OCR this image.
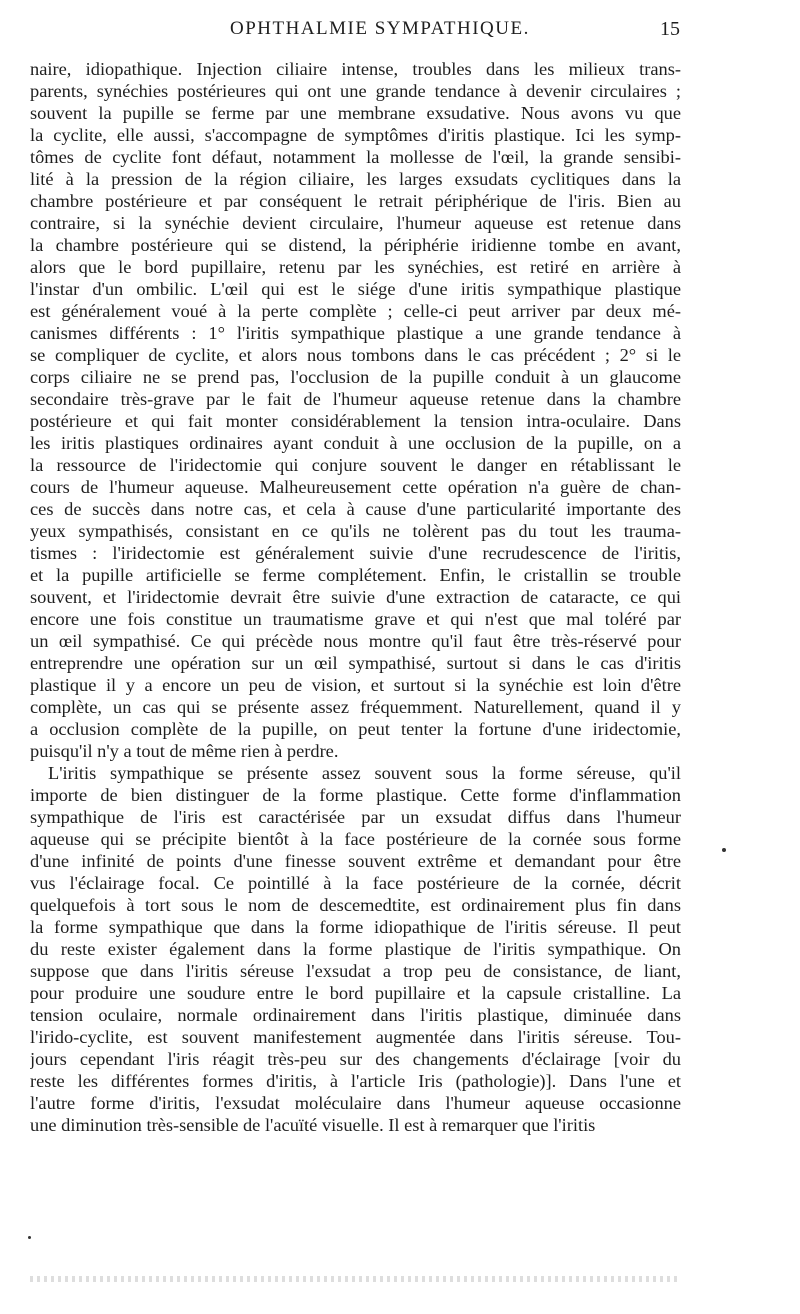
OPHTHALMIE SYMPATHIQUE.	15
naire, idiopathique. Injection ciliaire intense, troubles dans les milieux trans-
parents, synéchies postérieures qui ont une grande tendance à devenir circulaires ;
souvent la pupille se ferme par une membrane exsudative. Nous avons vu que
la cyclite, elle aussi, s'accompagne de symptômes d'iritis plastique. Ici les symp-
tômes de cyclite font défaut, notamment la mollesse de l'œil, la grande sensibi-
lité à la pression de la région ciliaire, les larges exsudats cyclitiques dans la
chambre postérieure et par conséquent le retrait périphérique de l'iris. Bien au
contraire, si la synéchie devient circulaire, l'humeur aqueuse est retenue dans
la chambre postérieure qui se distend, la périphérie iridienne tombe en avant,
alors que le bord pupillaire, retenu par les synéchies, est retiré en arrière à
l'instar d'un ombilic. L'œil qui est le siége d'une iritis sympathique plastique
est généralement voué à la perte complète ; celle-ci peut arriver par deux mé-
canismes différents : 1° l'iritis sympathique plastique a une grande tendance à
se compliquer de cyclite, et alors nous tombons dans le cas précédent ; 2° si le
corps ciliaire ne se prend pas, l'occlusion de la pupille conduit à un glaucome
secondaire très-grave par le fait de l'humeur aqueuse retenue dans la chambre
postérieure et qui fait monter considérablement la tension intra-oculaire. Dans
les iritis plastiques ordinaires ayant conduit à une occlusion de la pupille, on a
la ressource de l'iridectomie qui conjure souvent le danger en rétablissant le
cours de l'humeur aqueuse. Malheureusement cette opération n'a guère de chan-
ces de succès dans notre cas, et cela à cause d'une particularité importante des
yeux sympathisés, consistant en ce qu'ils ne tolèrent pas du tout les trauma-
tismes : l'iridectomie est généralement suivie d'une recrudescence de l'iritis,
et la pupille artificielle se ferme complétement. Enfin, le cristallin se trouble
souvent, et l'iridectomie devrait être suivie d'une extraction de cataracte, ce qui
encore une fois constitue un traumatisme grave et qui n'est que mal toléré par
un œil sympathisé. Ce qui précède nous montre qu'il faut être très-réservé pour
entreprendre une opération sur un œil sympathisé, surtout si dans le cas d'iritis
plastique il y a encore un peu de vision, et surtout si la synéchie est loin d'être
complète, un cas qui se présente assez fréquemment. Naturellement, quand il y
a occlusion complète de la pupille, on peut tenter la fortune d'une iridectomie,
puisqu'il n'y a tout de même rien à perdre.
L'iritis sympathique se présente assez souvent sous la forme séreuse, qu'il
importe de bien distinguer de la forme plastique. Cette forme d'inflammation
sympathique de l'iris est caractérisée par un exsudat diffus dans l'humeur
aqueuse qui se précipite bientôt à la face postérieure de la cornée sous forme
d'une infinité de points d'une finesse souvent extrême et demandant pour être
vus l'éclairage focal. Ce pointillé à la face postérieure de la cornée, décrit
quelquefois à tort sous le nom de descemedtite, est ordinairement plus fin dans
la forme sympathique que dans la forme idiopathique de l'iritis séreuse. Il peut
du reste exister également dans la forme plastique de l'iritis sympathique. On
suppose que dans l'iritis séreuse l'exsudat a trop peu de consistance, de liant,
pour produire une soudure entre le bord pupillaire et la capsule cristalline. La
tension oculaire, normale ordinairement dans l'iritis plastique, diminuée dans
l'irido-cyclite, est souvent manifestement augmentée dans l'iritis séreuse. Tou-
jours cependant l'iris réagit très-peu sur des changements d'éclairage [voir du
reste les différentes formes d'iritis, à l'article Iris (pathologie)]. Dans l'une et
l'autre forme d'iritis, l'exsudat moléculaire dans l'humeur aqueuse occasionne
une diminution très-sensible de l'acuïté visuelle. Il est à remarquer que l'iritis
